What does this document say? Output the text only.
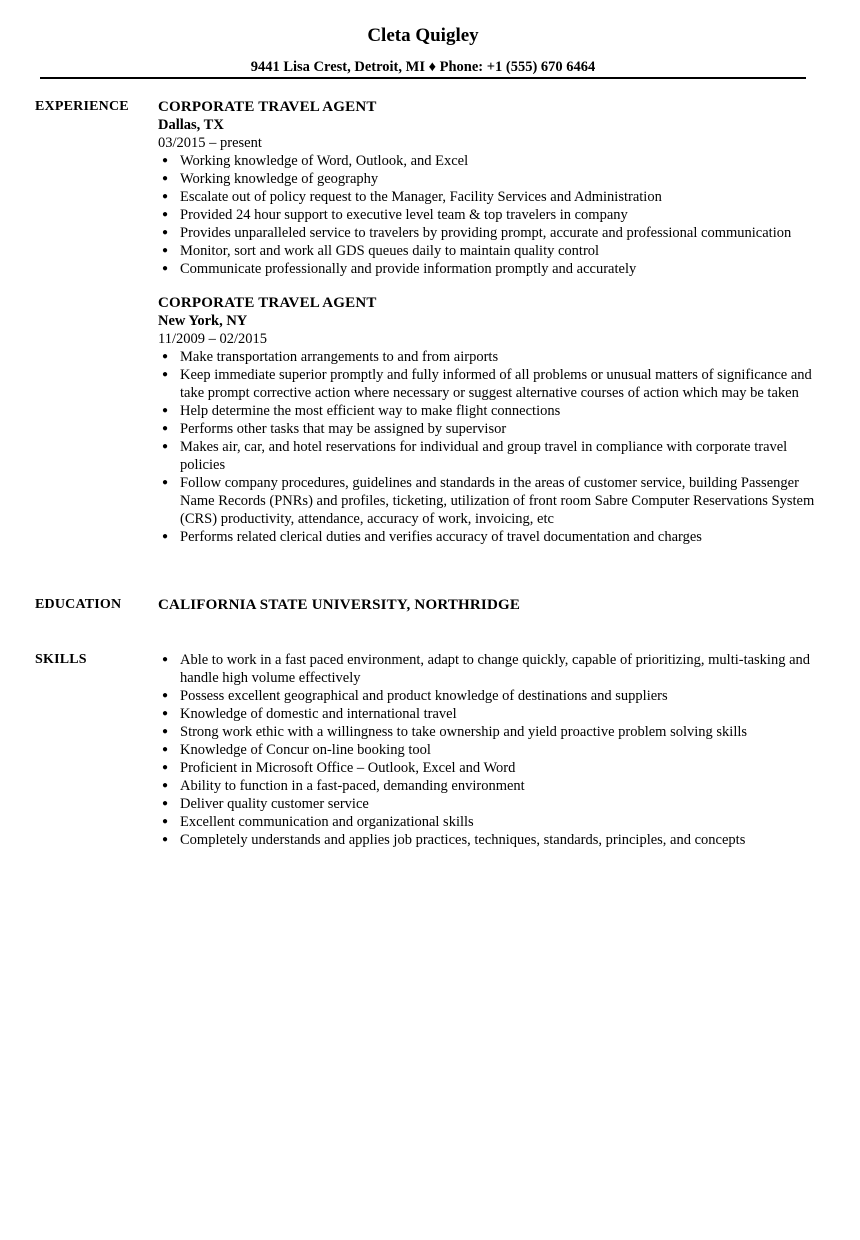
Cleta Quigley
9441 Lisa Crest, Detroit, MI ♦ Phone: +1 (555) 670 6464
EXPERIENCE CORPORATE TRAVEL AGENT
Dallas, TX
03/2015 – present
● Working knowledge of Word, Outlook, and Excel
● Working knowledge of geography
● Escalate out of policy request to the Manager, Facility Services and Administration
● Provided 24 hour support to executive level team & top travelers in company
● Provides unparalleled service to travelers by providing prompt, accurate and professional communication
● Monitor, sort and work all GDS queues daily to maintain quality control
● Communicate professionally and provide information promptly and accurately
CORPORATE TRAVEL AGENT
New York, NY
11/2009 – 02/2015
● Make transportation arrangements to and from airports
● Keep immediate superior promptly and fully informed of all problems or unusual matters of significance and take prompt corrective action where necessary or suggest alternative courses of action which may be taken
● Help determine the most efficient way to make flight connections
● Performs other tasks that may be assigned by supervisor
● Makes air, car, and hotel reservations for individual and group travel in compliance with corporate travel policies
● Follow company procedures, guidelines and standards in the areas of customer service, building Passenger Name Records (PNRs) and profiles, ticketing, utilization of front room Sabre Computer Reservations System (CRS) productivity, attendance, accuracy of work, invoicing, etc
● Performs related clerical duties and verifies accuracy of travel documentation and charges
EDUCATION CALIFORNIA STATE UNIVERSITY, NORTHRIDGE
SKILLS	● Able to work in a fast paced environment, adapt to change quickly, capable of prioritizing, multi-tasking and handle high volume effectively
● Possess excellent geographical and product knowledge of destinations and suppliers
● Knowledge of domestic and international travel
● Strong work ethic with a willingness to take ownership and yield proactive problem solving skills
● Knowledge of Concur on-line booking tool
● Proficient in Microsoft Office – Outlook, Excel and Word
● Ability to function in a fast-paced, demanding environment
● Deliver quality customer service
● Excellent communication and organizational skills
● Completely understands and applies job practices, techniques, standards, principles, and concepts
